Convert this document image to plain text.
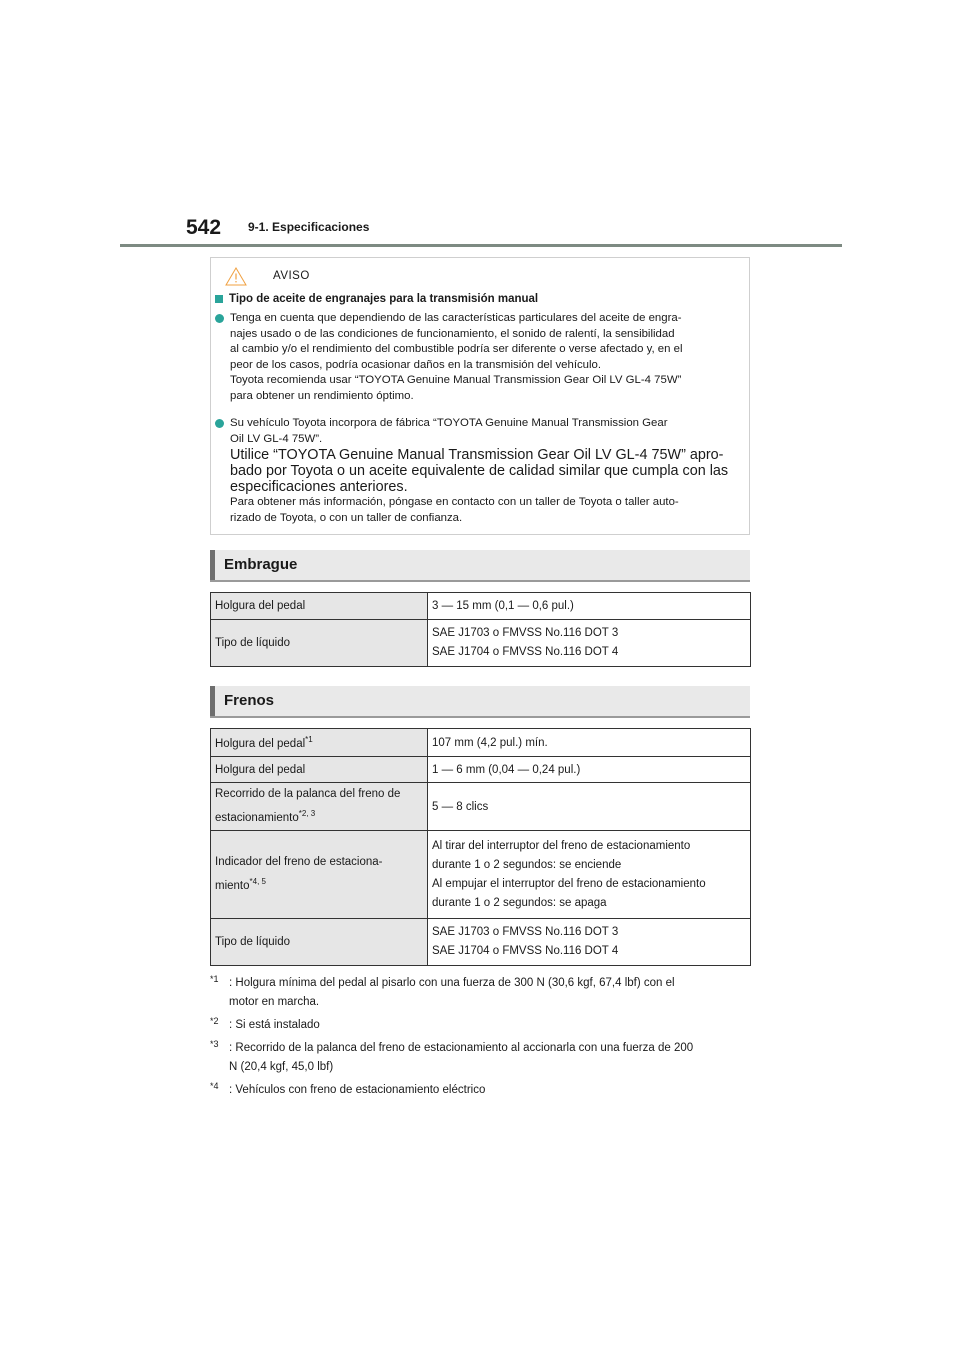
542 9-1. Especificaciones
AVISO
Tipo de aceite de engranajes para la transmisión manual

Tenga en cuenta que dependiendo de las características particulares del aceite de engra-
najes usado o de las condiciones de funcionamiento, el sonido de ralentí, la sensibilidad
al cambio y/o el rendimiento del combustible podría ser diferente o verse afectado y, en el
peor de los casos, podría ocasionar daños en la transmisión del vehículo.
Toyota recomienda usar “TOYOTA Genuine Manual Transmission Gear Oil LV GL-4 75W”
para obtener un rendimiento óptimo.

Su vehículo Toyota incorpora de fábrica “TOYOTA Genuine Manual Transmission Gear
Oil LV GL-4 75W”.
Utilice “TOYOTA Genuine Manual Transmission Gear Oil LV GL-4 75W” apro-
bado por Toyota o un aceite equivalente de calidad similar que cumpla con las
especificaciones anteriores.
Para obtener más información, póngase en contacto con un taller de Toyota o taller auto-
rizado de Toyota, o con un taller de confianza.

Embrague
Holgura del pedal	3 — 15 mm (0,1 — 0,6 pul.)
Tipo de líquido	SAE J1703 o FMVSS No.116 DOT 3
SAE J1704 o FMVSS No.116 DOT 4
Frenos
Holgura del pedal$^{*1}$	107 mm (4,2 pul.) mín.
Holgura del pedal	1 — 6 mm (0,04 — 0,24 pul.)

Recorrido de la palanca del freno de
estacionamiento$^{*2, 3}$	5 — 8 clics

Indicador del freno de estaciona-
miento$^{*4, 5}$	Al tirar del interruptor del freno de estacionamiento
durante 1 o 2 segundos: se enciende
Al empujar el interruptor del freno de estacionamiento
durante 1 o 2 segundos: se apaga

Tipo de líquido	SAE J1703 o FMVSS No.116 DOT 3
SAE J1704 o FMVSS No.116 DOT 4
*1 : Holgura mínima del pedal al pisarlo con una fuerza de 300 N (30,6 kgf, 67,4 lbf) con el
motor en marcha.
*2 : Si está instalado
*3 : Recorrido de la palanca del freno de estacionamiento al accionarla con una fuerza de 200
N (20,4 kgf, 45,0 lbf)
*4 : Vehículos con freno de estacionamiento eléctrico
